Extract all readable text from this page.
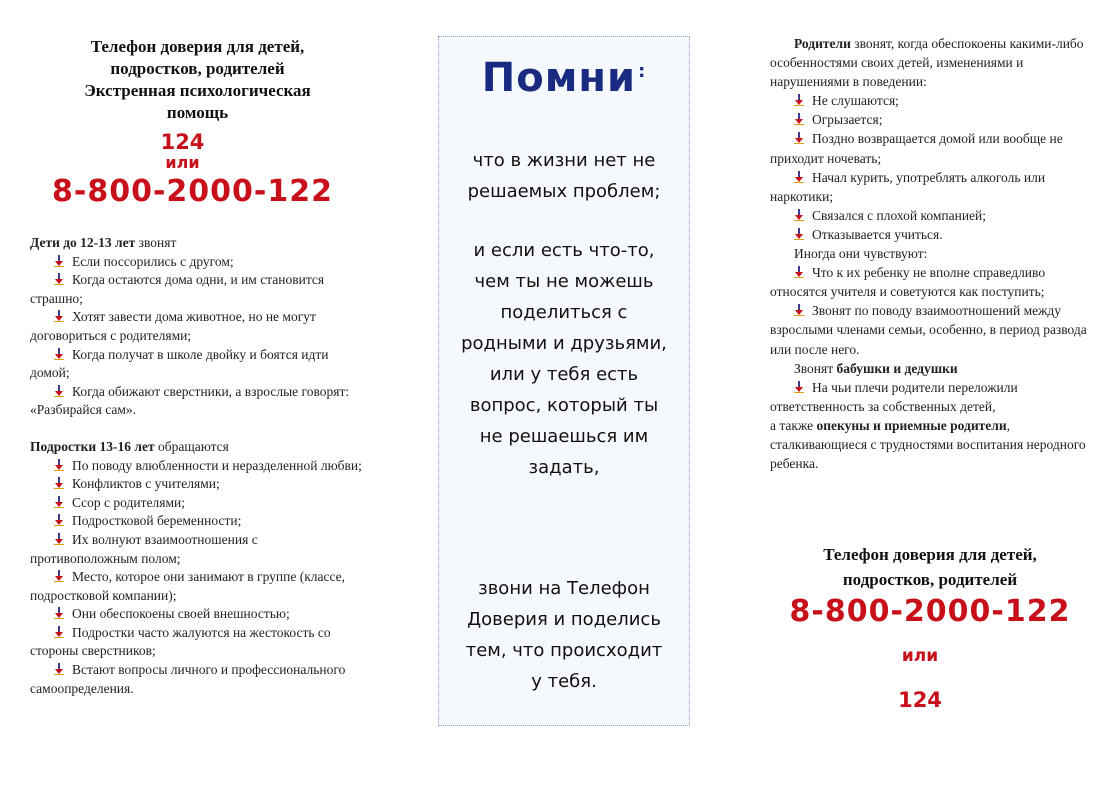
Телефон доверия для детей,
подростков, родителей
Экстренная психологическая
помощь
124
или
8-800-2000-122
Дети до 12-13 лет звонят
Если поссорились с другом;
Когда остаются дома одни, и им становится страшно;
Хотят завести дома животное, но не могут договориться с родителями;
Когда получат в школе двойку и боятся идти домой;
Когда обижают сверстники, а взрослые говорят: «Разбирайся сам».
Подростки 13-16 лет обращаются
По поводу влюбленности и неразделенной любви;
Конфликтов с учителями;
Ссор с родителями;
Подростковой беременности;
Их волнуют взаимоотношения с противоположным полом;
Место, которое они занимают в группе (классе, подростковой компании);
Они обеспокоены своей внешностью;
Подростки часто жалуются на жестокость со стороны сверстников;
Встают вопросы личного и профессионального самоопределения.
Помни :
что в жизни нет не
решаемых проблем;
и если есть что-то,
чем ты не можешь
поделиться с
родными и друзьями,
или у тебя есть
вопрос, который ты
не решаешься им
задать,
звони на Телефон
Доверия и поделись
тем, что происходит
у тебя.
Родители звонят, когда обеспокоены какими-либо особенностями своих детей, изменениями и нарушениями в поведении:
Не слушаются;
Огрызается;
Поздно возвращается домой или вообще не приходит ночевать;
Начал курить, употреблять алкоголь или наркотики;
Связался с плохой компанией;
Отказывается учиться.
Иногда они чувствуют:
Что к их ребенку не вполне справедливо относятся учителя и советуются как поступить;
Звонят по поводу взаимоотношений между взрослыми членами семьи, особенно, в период развода или после него.
Звонят бабушки и дедушки
На чьи плечи родители переложили ответственность за собственных детей,
а также опекуны и приемные родители, сталкивающиеся с трудностями воспитания неродного ребенка.
Телефон доверия для детей,
подростков, родителей
8-800-2000-122
или
124
